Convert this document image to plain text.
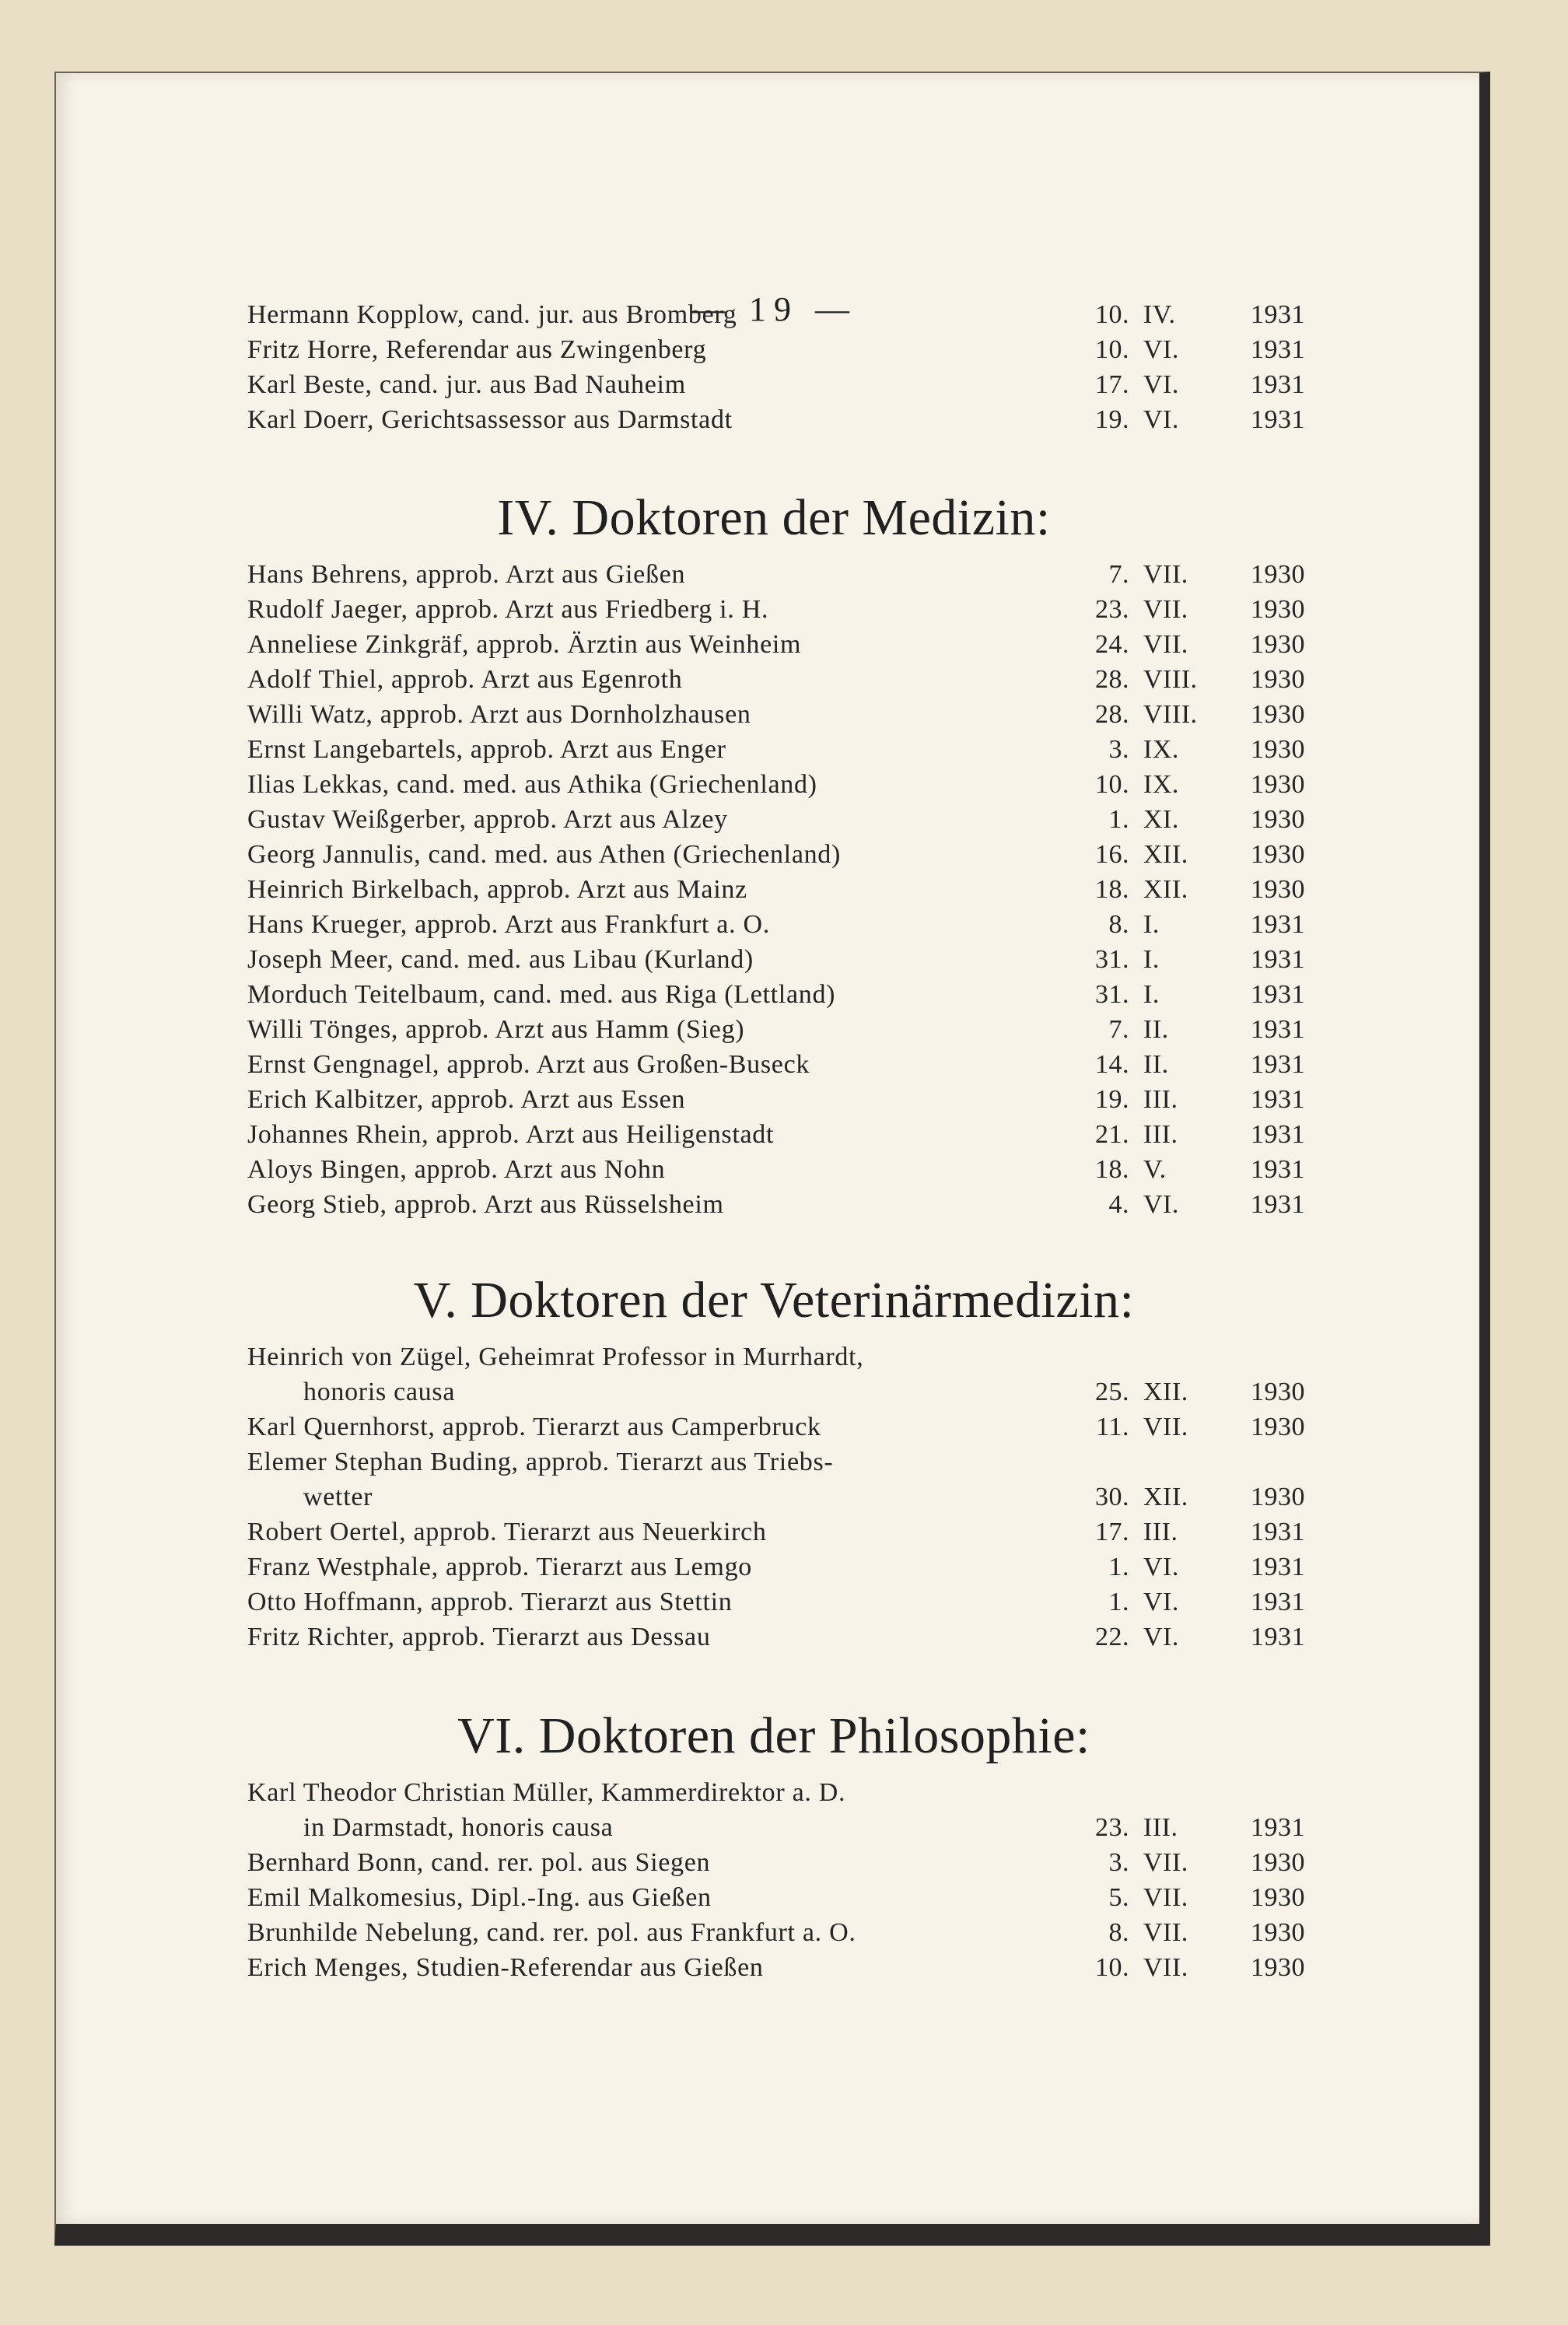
— 19 —
Hermann Kopplow, cand. jur. aus Bromberg	10. IV.	1931
Fritz Horre, Referendar aus Zwingenberg	10. VI.	1931
Karl Beste, cand. jur. aus Bad Nauheim	17. VI.	1931
Karl Doerr, Gerichtsassessor aus Darmstadt	19. VI.	1931
IV. Doktoren der Medizin:
Hans Behrens, approb. Arzt aus Gießen	7. VII.	1930
Rudolf Jaeger, approb. Arzt aus Friedberg i. H.	23. VII.	1930
Anneliese Zinkgräf, approb. Ärztin aus Weinheim	24. VII.	1930
Adolf Thiel, approb. Arzt aus Egenroth	28. VIII.	1930
Willi Watz, approb. Arzt aus Dornholzhausen	28. VIII.	1930
Ernst Langebartels, approb. Arzt aus Enger	3. IX.	1930
Ilias Lekkas, cand. med. aus Athika (Griechenland)	10. IX.	1930
Gustav Weißgerber, approb. Arzt aus Alzey	1. XI.	1930
Georg Jannulis, cand. med. aus Athen (Griechenland)	16. XII.	1930
Heinrich Birkelbach, approb. Arzt aus Mainz	18. XII.	1930
Hans Krueger, approb. Arzt aus Frankfurt a. O.	8. I.	1931
Joseph Meer, cand. med. aus Libau (Kurland)	31. I.	1931
Morduch Teitelbaum, cand. med. aus Riga (Lettland)	31. I.	1931
Willi Tönges, approb. Arzt aus Hamm (Sieg)	7. II.	1931
Ernst Gengnagel, approb. Arzt aus Großen-Buseck	14. II.	1931
Erich Kalbitzer, approb. Arzt aus Essen	19. III.	1931
Johannes Rhein, approb. Arzt aus Heiligenstadt	21. III.	1931
Aloys Bingen, approb. Arzt aus Nohn	18. V.	1931
Georg Stieb, approb. Arzt aus Rüsselsheim	4. VI.	1931
V. Doktoren der Veterinärmedizin:
Heinrich von Zügel, Geheimrat Professor in Murrhardt,
honoris causa	25. XII.	1930
Karl Quernhorst, approb. Tierarzt aus Camperbruck	11. VII.	1930
Elemer Stephan Buding, approb. Tierarzt aus Triebs-
wetter	30. XII.	1930
Robert Oertel, approb. Tierarzt aus Neuerkirch	17. III.	1931
Franz Westphale, approb. Tierarzt aus Lemgo	1. VI.	1931
Otto Hoffmann, approb. Tierarzt aus Stettin	1. VI.	1931
Fritz Richter, approb. Tierarzt aus Dessau	22. VI.	1931
VI. Doktoren der Philosophie:
Karl Theodor Christian Müller, Kammerdirektor a. D.
in Darmstadt, honoris causa	23. III.	1931
Bernhard Bonn, cand. rer. pol. aus Siegen	3. VII.	1930
Emil Malkomesius, Dipl.-Ing. aus Gießen	5. VII.	1930
Brunhilde Nebelung, cand. rer. pol. aus Frankfurt a. O.	8. VII.	1930
Erich Menges, Studien-Referendar aus Gießen	10. VII.	1930
